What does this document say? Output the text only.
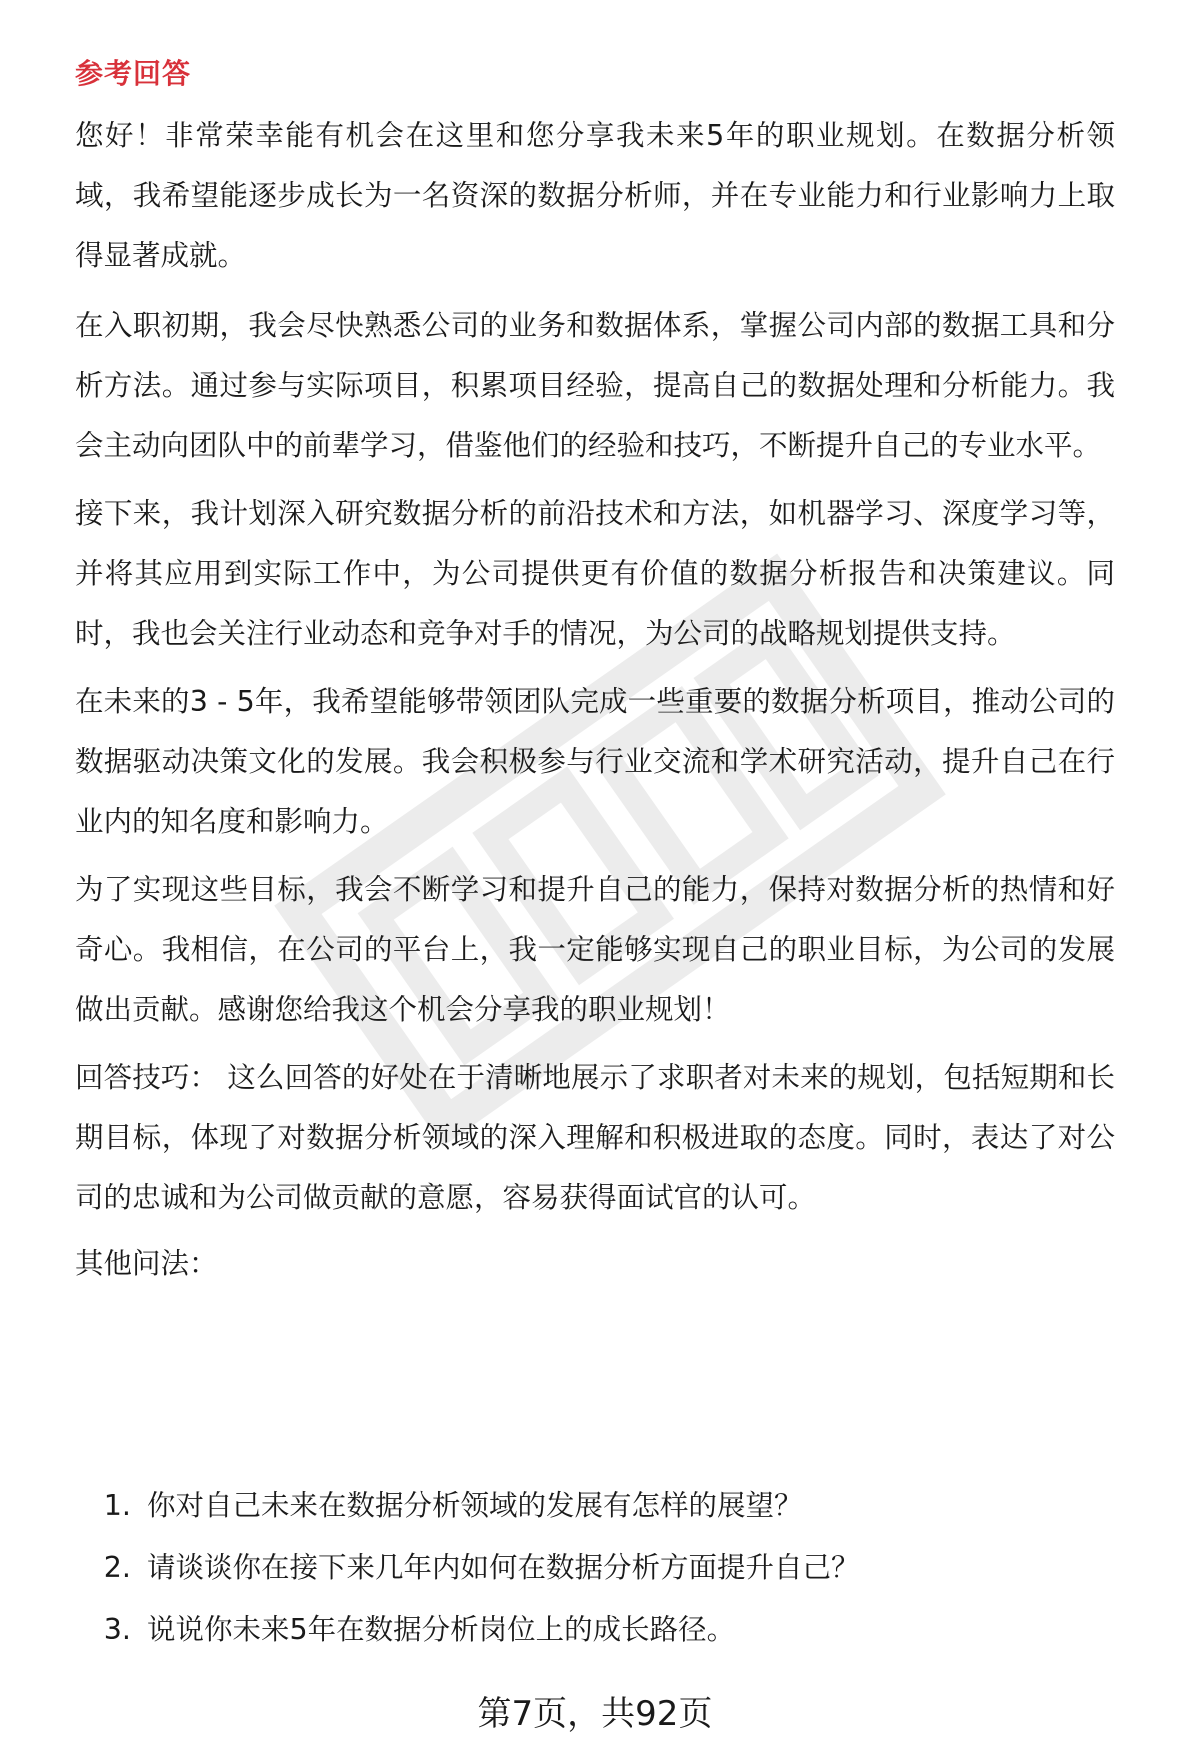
参考回答

您好！非常荣幸能有机会在这里和您分享我未来5年的职业规划。在数据分析领域，我希望能逐步成长为一名资深的数据分析师，并在专业能力和行业影响力上取得显著成就。

在入职初期，我会尽快熟悉公司的业务和数据体系，掌握公司内部的数据工具和分析方法。通过参与实际项目，积累项目经验，提高自己的数据处理和分析能力。我会主动向团队中的前辈学习，借鉴他们的经验和技巧，不断提升自己的专业水平。

接下来，我计划深入研究数据分析的前沿技术和方法，如机器学习、深度学习等，并将其应用到实际工作中，为公司提供更有价值的数据分析报告和决策建议。同时，我也会关注行业动态和竞争对手的情况，为公司的战略规划提供支持。

在未来的3 - 5年，我希望能够带领团队完成一些重要的数据分析项目，推动公司的数据驱动决策文化的发展。我会积极参与行业交流和学术研究活动，提升自己在行业内的知名度和影响力。

为了实现这些目标，我会不断学习和提升自己的能力，保持对数据分析的热情和好奇心。我相信，在公司的平台上，我一定能够实现自己的职业目标，为公司的发展做出贡献。感谢您给我这个机会分享我的职业规划！

回答技巧： 这么回答的好处在于清晰地展示了求职者对未来的规划，包括短期和长期目标，体现了对数据分析领域的深入理解和积极进取的态度。同时，表达了对公司的忠诚和为公司做贡献的意愿，容易获得面试官的认可。

其他问法：

1. 你对自己未来在数据分析领域的发展有怎样的展望？
2. 请谈谈你在接下来几年内如何在数据分析方面提升自己？
3. 说说你未来5年在数据分析岗位上的成长路径。
第7页，共92页
